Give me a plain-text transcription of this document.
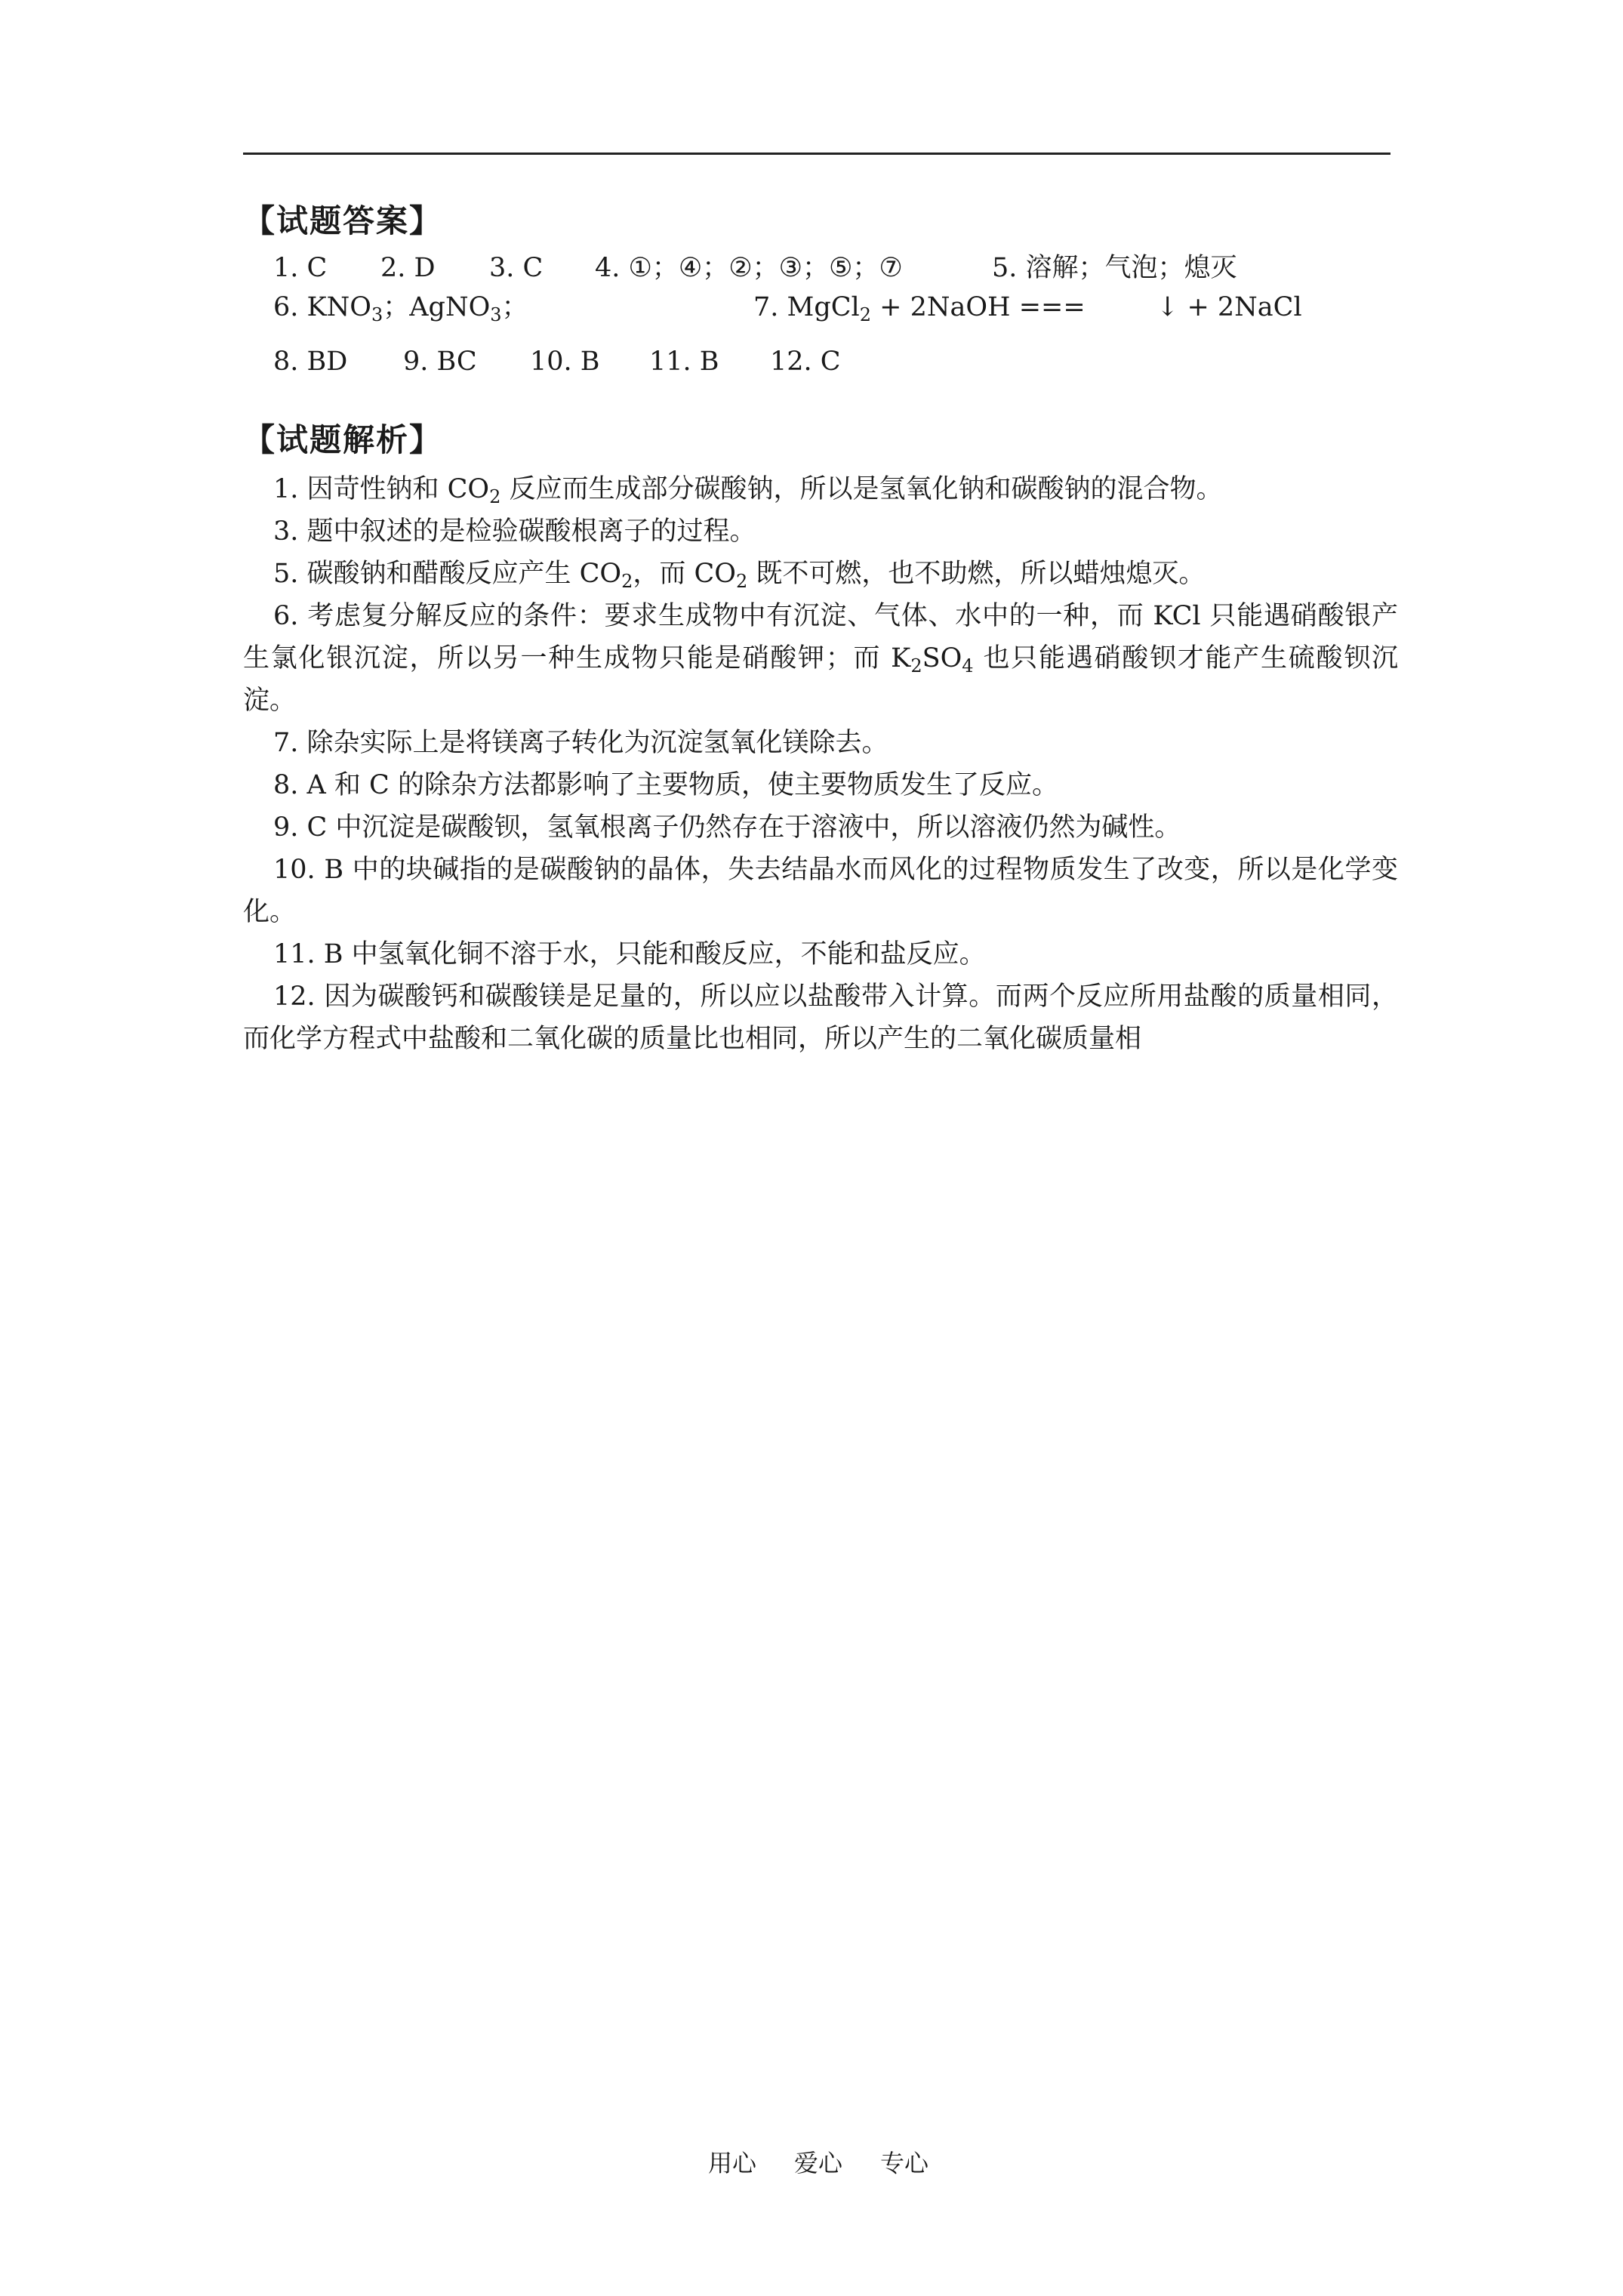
【试题答案】
1. C 2. D 3. C 4. ①；④；②；③；⑤；⑦	5. 溶解；气泡；熄灭
6. $KNO_3$；AgNO$_3$；	7. MgCl$_2$ + 2NaOH ===	↓ + 2NaCl
8. BD 9. BC 10. B 11. B 12. C
【试题解析】
1. 因苛性钠和 $CO_2$ 反应而生成部分碳酸钠，所以是氢氧化钠和碳酸钠的混合物。
3. 题中叙述的是检验碳酸根离子的过程。
5. 碳酸钠和醋酸反应产生 $CO_2$，而 $CO_2$ 既不可燃，也不助燃，所以蜡烛熄灭。
6. 考虑复分解反应的条件：要求生成物中有沉淀、气体、水中的一种，而 KCl 只能遇硝酸银产生氯化银沉淀，所以另一种生成物只能是硝酸钾；而 $K_2SO_4$ 也只能遇硝酸钡才能产生硫酸钡沉淀。
7. 除杂实际上是将镁离子转化为沉淀氢氧化镁除去。
8. A 和 C 的除杂方法都影响了主要物质，使主要物质发生了反应。
9. C 中沉淀是碳酸钡，氢氧根离子仍然存在于溶液中，所以溶液仍然为碱性。
10. B 中的块碱指的是碳酸钠的晶体，失去结晶水而风化的过程物质发生了改变，所以是化学变化。
11. B 中氢氧化铜不溶于水，只能和酸反应，不能和盐反应。
12. 因为碳酸钙和碳酸镁是足量的，所以应以盐酸带入计算。而两个反应所用盐酸的质量相同，而化学方程式中盐酸和二氧化碳的质量比也相同，所以产生的二氧化碳质量相
用心 爱心 专心
